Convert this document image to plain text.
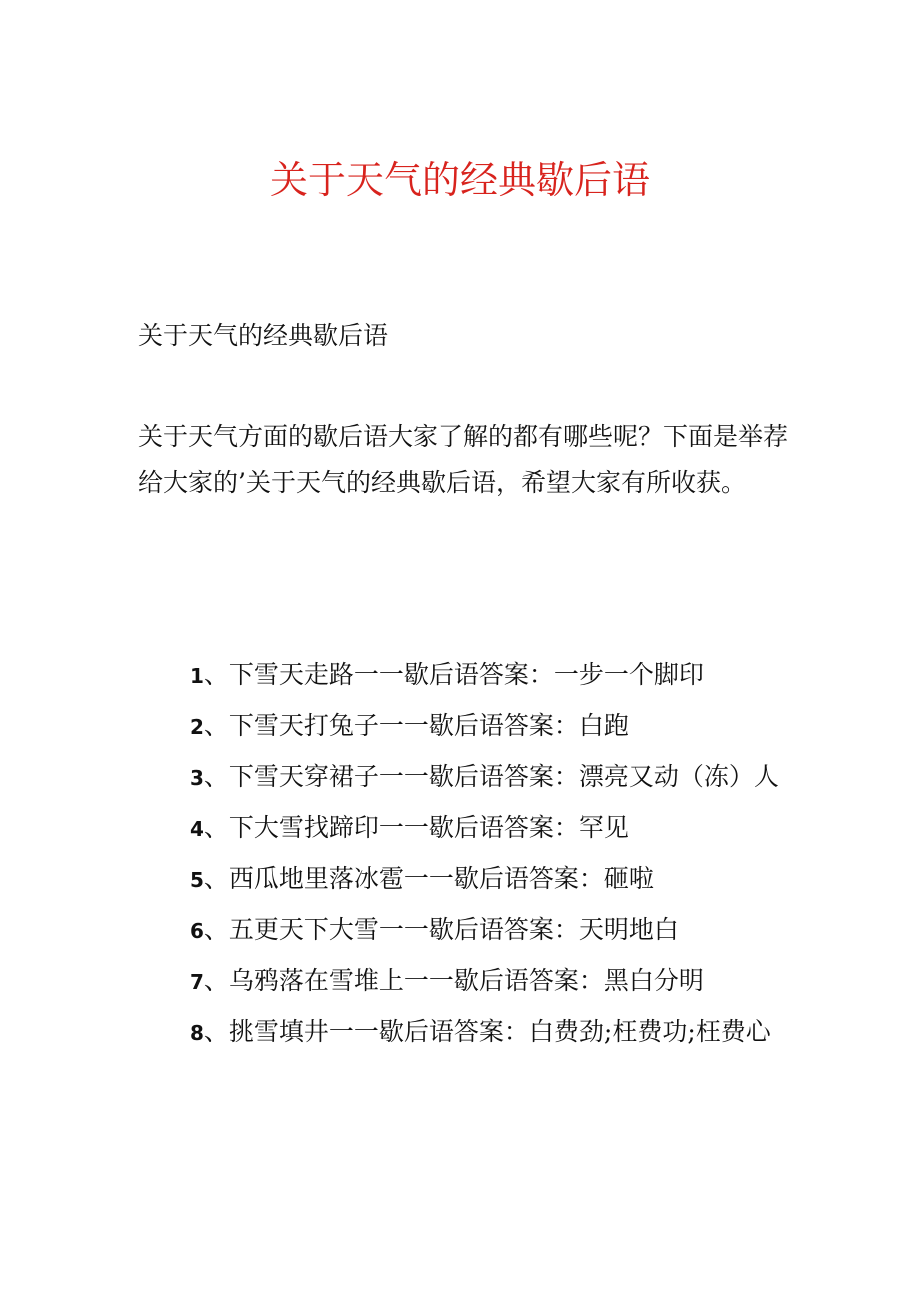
关于天气的经典歇后语

关于天气的经典歇后语

关于天气方面的歇后语大家了解的都有哪些呢？下面是举荐给大家的’关于天气的经典歇后语，希望大家有所收获。

1、下雪天走路一一歇后语答案：一步一个脚印
2、下雪天打兔子一一歇后语答案：白跑
3、下雪天穿裙子一一歇后语答案：漂亮又动（冻）人
4、下大雪找蹄印一一歇后语答案：罕见
5、西瓜地里落冰雹一一歇后语答案：砸啦
6、五更天下大雪一一歇后语答案：天明地白
7、乌鸦落在雪堆上一一歇后语答案：黑白分明
8、挑雪填井一一歇后语答案：白费劲;枉费功;枉费心
